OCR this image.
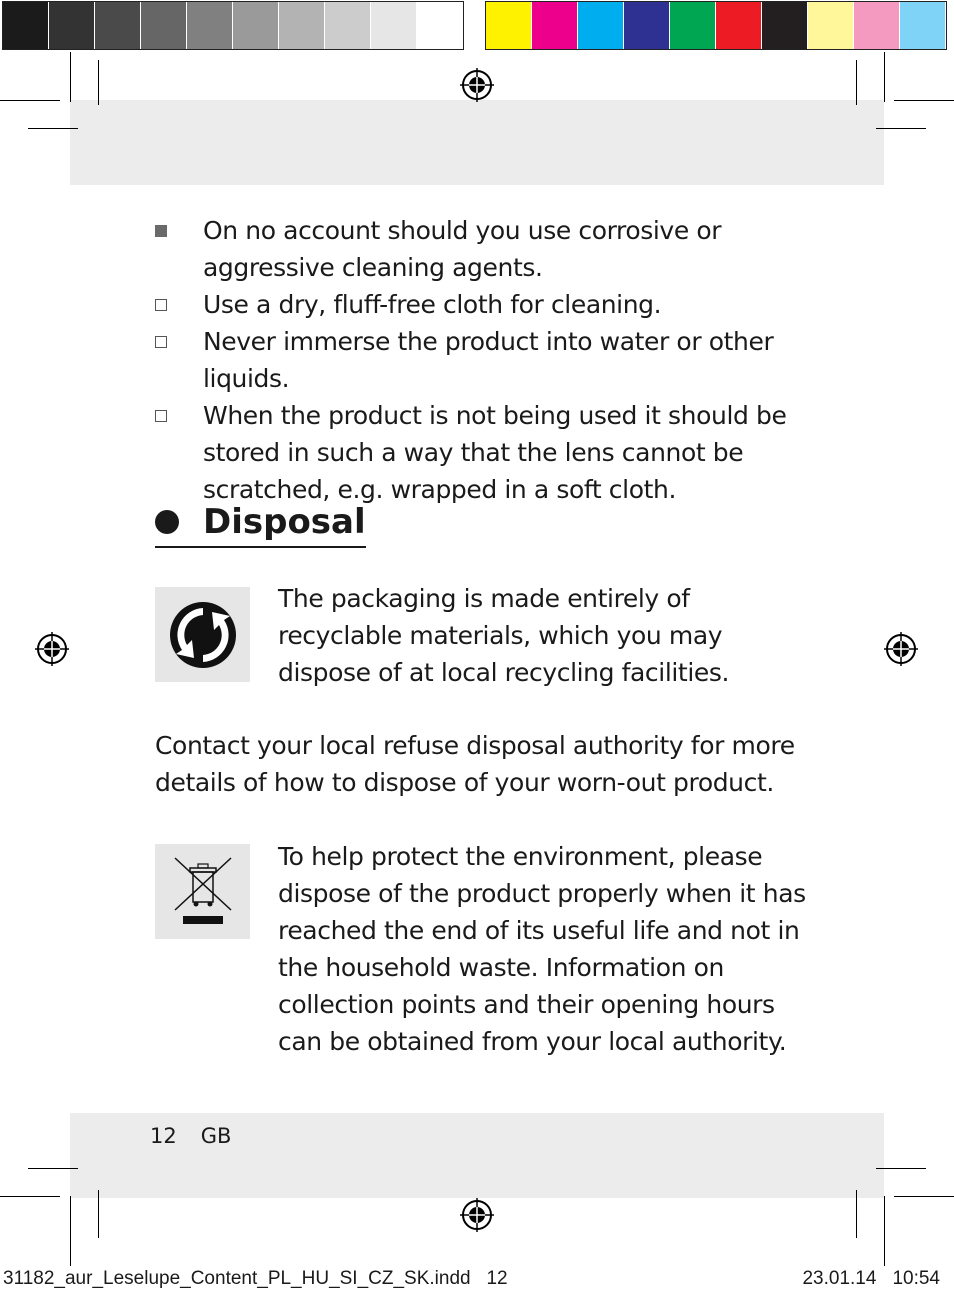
On no account should you use corrosive or aggressive cleaning agents.
Use a dry, fluff-free cloth for cleaning.
Never immerse the product into water or other liquids.
When the product is not being used it should be stored in such a way that the lens cannot be scratched, e.g. wrapped in a soft cloth.
Disposal
The packaging is made entirely of recyclable materials, which you may dispose of at local recycling facilities.
Contact your local refuse disposal authority for more details of how to dispose of your worn-out product.
To help protect the environment, please dispose of the product properly when it has reached the end of its useful life and not in the household waste. Information on collection points and their opening hours can be obtained from your local authority.
12 GB
31182_aur_Leselupe_Content_PL_HU_SI_CZ_SK.indd 12	23.01.14 10:54
